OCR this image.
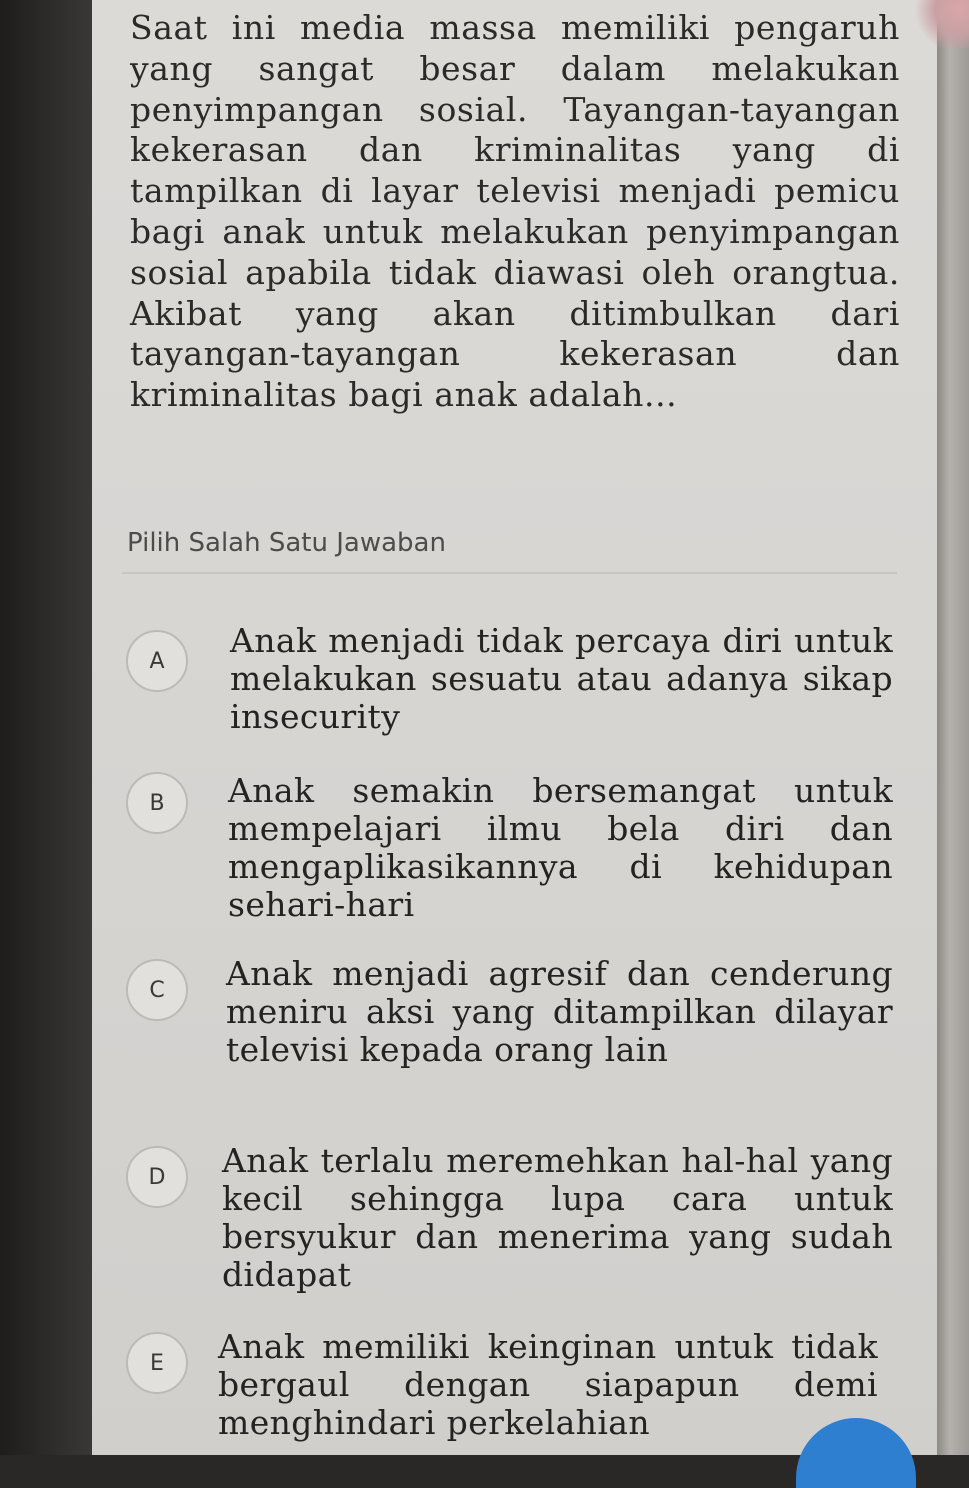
Saat ini media massa memiliki pengaruh yang sangat besar dalam melakukan penyimpangan sosial. Tayangan-tayangan kekerasan dan kriminalitas yang di tampilkan di layar televisi menjadi pemicu bagi anak untuk melakukan penyimpangan sosial apabila tidak diawasi oleh orangtua. Akibat yang akan ditimbulkan dari tayangan-tayangan kekerasan dan kriminalitas bagi anak adalah...

Pilih Salah Satu Jawaban

A

Anak menjadi tidak percaya diri untuk melakukan sesuatu atau adanya sikap insecurity

B	Anak semakin bersemangat untuk mempelajari ilmu bela diri dan mengaplikasikannya di kehidupan sehari-hari

C	Anak menjadi agresif dan cenderung meniru aksi yang ditampilkan dilayar televisi kepada orang lain

D	Anak terlalu meremehkan hal-hal yang kecil sehingga lupa cara untuk bersyukur dan menerima yang sudah didapat

E	Anak memiliki keinginan untuk tidak bergaul dengan siapapun demi menghindari perkelahian
